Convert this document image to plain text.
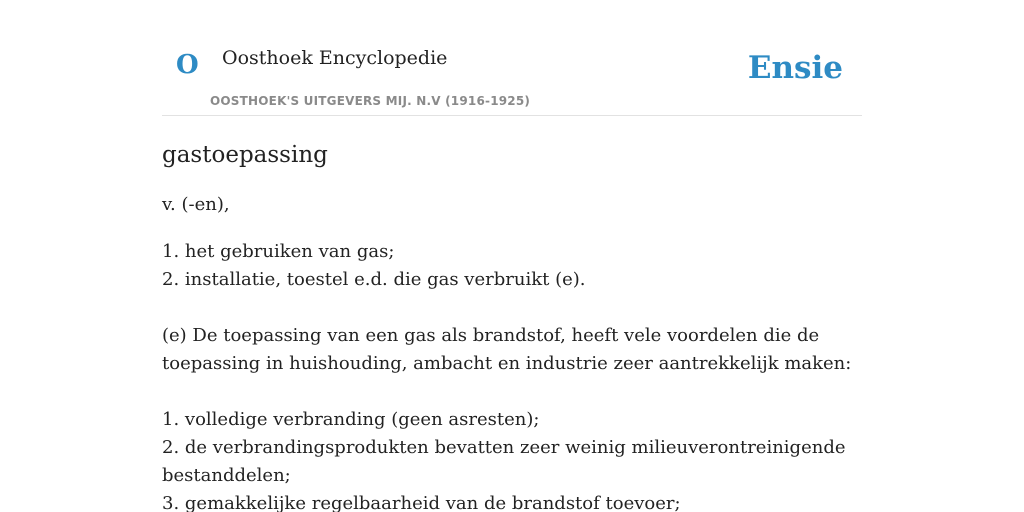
O Oosthoek Encyclopedie
OOSTHOEK'S UITGEVERS MIJ. N.V (1916-1925)
Ensie
gastoepassing

v. (-en),

1. het gebruiken van gas;
2. installatie, toestel e.d. die gas verbruikt (e).

(e) De toepassing van een gas als brandstof, heeft vele voordelen die de toepassing in huishouding, ambacht en industrie zeer aantrekkelijk maken:

1. volledige verbranding (geen asresten);
2. de verbrandingsprodukten bevatten zeer weinig milieuverontreinigende bestanddelen;
3. gemakkelijke regelbaarheid van de brandstof toevoer;
